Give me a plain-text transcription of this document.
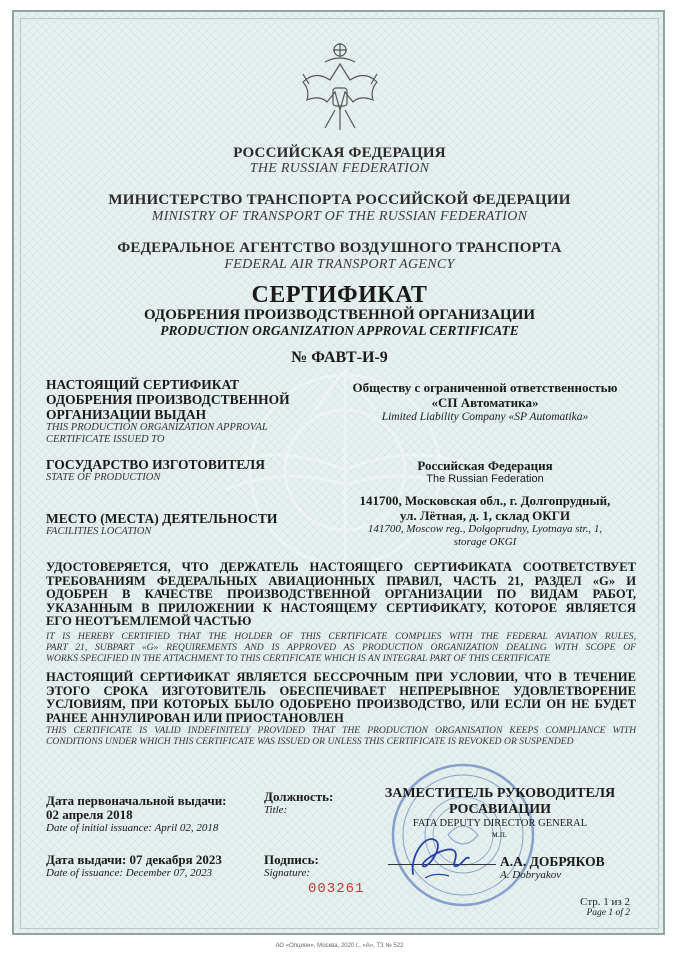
РОССИЙСКАЯ ФЕДЕРАЦИЯ
THE RUSSIAN FEDERATION
МИНИСТЕРСТВО ТРАНСПОРТА РОССИЙСКОЙ ФЕДЕРАЦИИ
MINISTRY OF TRANSPORT OF THE RUSSIAN FEDERATION
ФЕДЕРАЛЬНОЕ АГЕНТСТВО ВОЗДУШНОГО ТРАНСПОРТА
FEDERAL AIR TRANSPORT AGENCY
СЕРТИФИКАТ
ОДОБРЕНИЯ ПРОИЗВОДСТВЕННОЙ ОРГАНИЗАЦИИ
PRODUCTION ORGANIZATION APPROVAL CERTIFICATE
№ ФАВТ-И-9
НАСТОЯЩИЙ СЕРТИФИКАТ
ОДОБРЕНИЯ ПРОИЗВОДСТВЕННОЙ
ОРГАНИЗАЦИИ ВЫДАН
THIS PRODUCTION ORGANIZATION APPROVAL
CERTIFICATE ISSUED TO
Обществу с ограниченной ответственностью
«СП Автоматика»
Limited Liability Company «SP Automatika»
ГОСУДАРСТВО ИЗГОТОВИТЕЛЯ
STATE OF PRODUCTION
Российская Федерация
The Russian Federation
МЕСТО (МЕСТА) ДЕЯТЕЛЬНОСТИ
FACILITIES LOCATION
141700, Московская обл., г. Долгопрудный,
ул. Лётная, д. 1, склад ОКГИ
141700, Moscow reg., Dolgoprudny, Lyotnaya str., 1,
storage OKGI
УДОСТОВЕРЯЕТСЯ, ЧТО ДЕРЖАТЕЛЬ НАСТОЯЩЕГО СЕРТИФИКАТА СООТВЕТСТВУЕТ
ТРЕБОВАНИЯМ ФЕДЕРАЛЬНЫХ АВИАЦИОННЫХ ПРАВИЛ, ЧАСТЬ 21, РАЗДЕЛ «G» И
ОДОБРЕН В КАЧЕСТВЕ ПРОИЗВОДСТВЕННОЙ ОРГАНИЗАЦИИ ПО ВИДАМ РАБОТ,
УКАЗАННЫМ В ПРИЛОЖЕНИИ К НАСТОЯЩЕМУ СЕРТИФИКАТУ, КОТОРОЕ ЯВЛЯЕТСЯ
ЕГО НЕОТЪЕМЛЕМОЙ ЧАСТЬЮ
IT IS HEREBY CERTIFIED THAT THE HOLDER OF THIS CERTIFICATE COMPLIES WITH THE FEDERAL AVIATION RULES,
PART 21, SUBPART «G» REQUIREMENTS AND IS APPROVED AS PRODUCTION ORGANIZATION DEALING WITH SCOPE OF
WORKS SPECIFIED IN THE ATTACHMENT TO THIS CERTIFICATE WHICH IS AN INTEGRAL PART OF THIS CERTIFICATE
НАСТОЯЩИЙ СЕРТИФИКАТ ЯВЛЯЕТСЯ БЕССРОЧНЫМ ПРИ УСЛОВИИ, ЧТО В ТЕЧЕНИЕ
ЭТОГО СРОКА ИЗГОТОВИТЕЛЬ ОБЕСПЕЧИВАЕТ НЕПРЕРЫВНОЕ УДОВЛЕТВОРЕНИЕ
УСЛОВИЯМ, ПРИ КОТОРЫХ БЫЛО ОДОБРЕНО ПРОИЗВОДСТВО, ИЛИ ЕСЛИ ОН НЕ БУДЕТ
РАНЕЕ АННУЛИРОВАН ИЛИ ПРИОСТАНОВЛЕН
THIS CERTIFICATE IS VALID INDEFINITELY PROVIDED THAT THE PRODUCTION ORGANISATION KEEPS COMPLIANCE WITH
CONDITIONS UNDER WHICH THIS CERTIFICATE WAS ISSUED OR UNLESS THIS CERTIFICATE IS REVOKED OR SUSPENDED
Дата первоначальной выдачи:
02 апреля 2018
Date of initial issuance: April 02, 2018
Дата выдачи: 07 декабря 2023
Date of issuance: December 07, 2023
Должность:
Title:
ЗАМЕСТИТЕЛЬ РУКОВОДИТЕЛЯ
РОСАВИАЦИИ
FATA DEPUTY DIRECTOR GENERAL
м.п.
Подпись:
Signature:
А.А. ДОБРЯКОВ
A. Dobryakov
003261
Стр. 1 из 2
Page 1 of 2
АО «Опцион», Москва, 2020 г., «А», ТЗ № 522
